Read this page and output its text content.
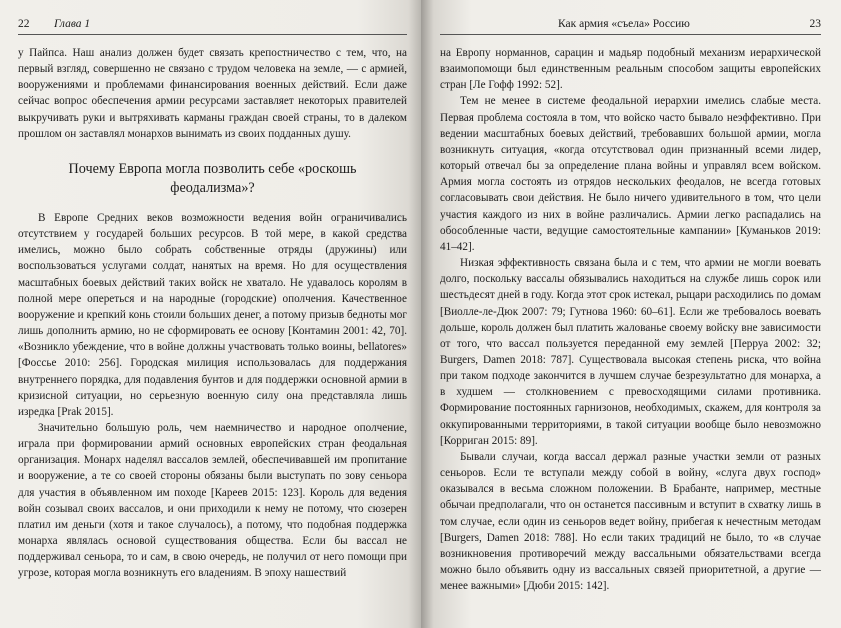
22 Глава 1

у Пайпса. Наш анализ должен будет связать крепостничество с тем, что, на первый взгляд, совершенно не связано с трудом человека на земле, — с армией, вооружениями и проблемами финансирования военных действий. Если даже сейчас вопрос обеспечения армии ресурсами заставляет некоторых правителей выкручивать руки и вытряхивать карманы граждан своей страны, то в далеком прошлом он заставлял монархов вынимать из своих подданных душу.

Почему Европа могла позволить себе «роскошь феодализма»?

В Европе Средних веков возможности ведения войн ограничивались отсутствием у государей больших ресурсов. В той мере, в какой средства имелись, можно было собрать собственные отряды (дружины) или воспользоваться услугами солдат, нанятых на время. Но для осуществления масштабных боевых действий таких войск не хватало. Не удавалось королям в полной мере опереться и на народные (городские) ополчения. Качественное вооружение и крепкий конь стоили больших денег, а потому призыв бедноты мог лишь дополнить армию, но не сформировать ее основу [Контамин 2001: 42, 70]. «Возникло убеждение, что в войне должны участвовать только воины, bellatores» [Фоссье 2010: 256]. Городская милиция использовалась для поддержания внутреннего порядка, для подавления бунтов и для поддержки основной армии в кризисной ситуации, но серьезную военную силу она представляла лишь изредка [Prak 2015].

Значительно большую роль, чем наемничество и народное ополчение, играла при формировании армий основных европейских стран феодальная организация. Монарх наделял вассалов землей, обеспечивавшей им пропитание и вооружение, а те со своей стороны обязаны были выступать по зову сеньора для участия в объявленном им походе [Кареев 2015: 123]. Король для ведения войн созывал своих вассалов, и они приходили к нему не потому, что сюзерен платил им деньги (хотя и такое случалось), а потому, что подобная поддержка монарха являлась основой существования общества. Если бы вассал не поддерживал сеньора, то и сам, в свою очередь, не получил от него помощи при угрозе, которая могла возникнуть его владениям. В эпоху нашествий

Как армия «съела» Россию	23

на Европу норманнов, сарацин и мадьяр подобный механизм иерархической взаимопомощи был единственным реальным способом защиты европейских стран [Ле Гофф 1992: 52].

Тем не менее в системе феодальной иерархии имелись слабые места. Первая проблема состояла в том, что войско часто бывало неэффективно. При ведении масштабных боевых действий, требовавших большой армии, могла возникнуть ситуация, «когда отсутствовал один признанный всеми лидер, который отвечал бы за определение плана войны и управлял всем войском. Армия могла состоять из отрядов нескольких феодалов, не всегда готовых согласовывать свои действия. Не было ничего удивительного в том, что цели участия каждого из них в войне различались. Армии легко распадались на обособленные части, ведущие самостоятельные кампании» [Куманьков 2019: 41–42].

Низкая эффективность связана была и с тем, что армии не могли воевать долго, поскольку вассалы обязывались находиться на службе лишь сорок или шестьдесят дней в году. Когда этот срок истекал, рыцари расходились по домам [Виолле-ле-Дюк 2007: 79; Гутнова 1960: 60–61]. Если же требовалось воевать дольше, король должен был платить жалованье своему войску вне зависимости от того, что вассал пользуется переданной ему землей [Перруа 2002: 32; Burgers, Damen 2018: 787]. Существовала высокая степень риска, что война при таком подходе закончится в лучшем случае безрезультатно для монарха, а в худшем — столкновением с превосходящими силами противника. Формирование постоянных гарнизонов, необходимых, скажем, для контроля за оккупированными территориями, в такой ситуации вообще было невозможно [Корриган 2015: 89].

Бывали случаи, когда вассал держал разные участки земли от разных сеньоров. Если те вступали между собой в войну, «слуга двух господ» оказывался в весьма сложном положении. В Брабанте, например, местные обычаи предполагали, что он останется пассивным и вступит в схватку лишь в том случае, если один из сеньоров ведет войну, прибегая к нечестным методам [Burgers, Damen 2018: 788]. Но если таких традиций не было, то «в случае возникновения противоречий между вассальными обязательствами всегда можно было объявить одну из вассальных связей приоритетной, а другие — менее важными» [Дюби 2015: 142].
